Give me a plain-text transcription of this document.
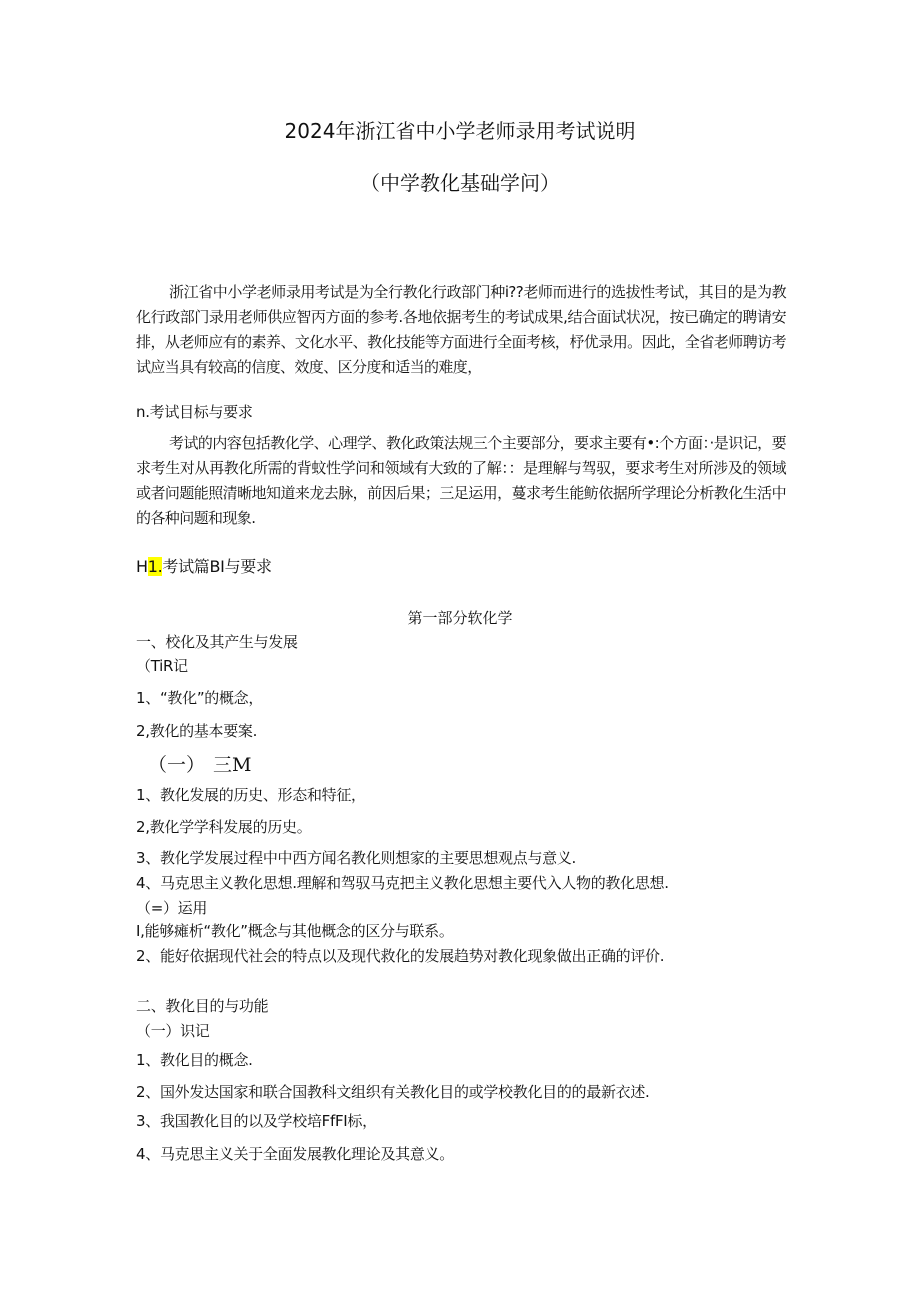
2024年浙江省中小学老师录用考试说明
（中学教化基础学问）

浙江省中小学老师录用考试是为全行教化行政部门种i??老师而进行的选拔性考试，其目的是为教化行政部门录用老师供应智丙方面的参考.各地依据考生的考试成果,结合面试状况，按已确定的聘请安排，从老师应有的素养、文化水平、教化技能等方面进行全面考核，杼优录用。因此，全省老师聘访考试应当具有较高的信度、效度、区分度和适当的难度，

n.考试目标与要求

考试的内容包括教化学、心理学、教化政策法规三个主要部分，要求主要有•:个方面：·是识记，要求考生对从再教化所需的背蚊性学问和领域有大致的了解：：是理解与驾驭，要求考生对所涉及的领域或者问题能照清晰地知道来龙去脉，前因后果；三足运用，蔓求考生能鲂依据所学理论分析教化生活中的各种问题和现象.

H1.考试篇BI与要求
第一部分软化学
一、校化及其产生与发展
（TiR记
1、“教化”的概念，
2,教化的基本要案.
（一） 三M
1、教化发展的历史、形态和特征，
2,教化学学科发展的历史。
3、教化学发展过程中中西方闻名教化则想家的主要思想观点与意义.
4、马克思主义教化思想.理解和驾驭马克把主义教化思想主要代入人物的教化思想.
（=）运用
I,能够瘫析“教化”概念与其他概念的区分与联系。
2、能好依据现代社会的特点以及现代救化的发展趋势对教化现象做出正确的评价.
二、教化目的与功能
（一）识记
1、教化目的概念.
2、国外发达国家和联合国教科文组织有关教化目的或学校教化目的的最新衣述.
3、我国教化目的以及学校培FfFI标，
4、马克思主义关于全面发展教化理论及其意义。
